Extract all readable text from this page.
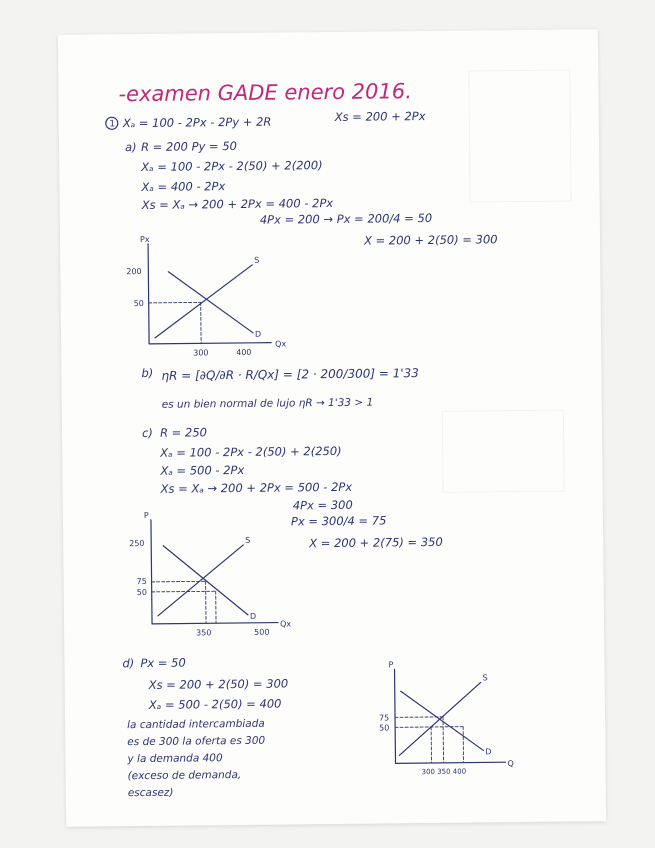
-examen GADE enero 2016.
1 Xₐ = 100 - 2Px - 2Py + 2R	Xs = 200 + 2Px
a) R = 200 Py = 50
Xₐ = 100 - 2Px - 2(50) + 2(200)
Xₐ = 400 - 2Px
Xs = Xₐ → 200 + 2Px = 400 - 2Px
4Px = 200 → Px = 200/4 = 50
X = 200 + 2(50) = 300
Px
Qx
S
D
200
50
300	400
b) ηR = [∂Q/∂R · R/Qx] = [2 · 200/300] = 1'33
es un bien normal de lujo ηR → 1'33 > 1
c) R = 250
Xₐ = 100 - 2Px - 2(50) + 2(250)
Xₐ = 500 - 2Px
Xs = Xₐ → 200 + 2Px = 500 - 2Px
4Px = 300
Px = 300/4 = 75
X = 200 + 2(75) = 350
P
Qx
S
D
250
75
50
350	500
d) Px = 50
Xs = 200 + 2(50) = 300
Xₐ = 500 - 2(50) = 400
la cantidad intercambiada
es de 300 la oferta es 300
y la demanda 400
(exceso de demanda,
escasez)
P
Q
S
D
75
50
300 350 400
